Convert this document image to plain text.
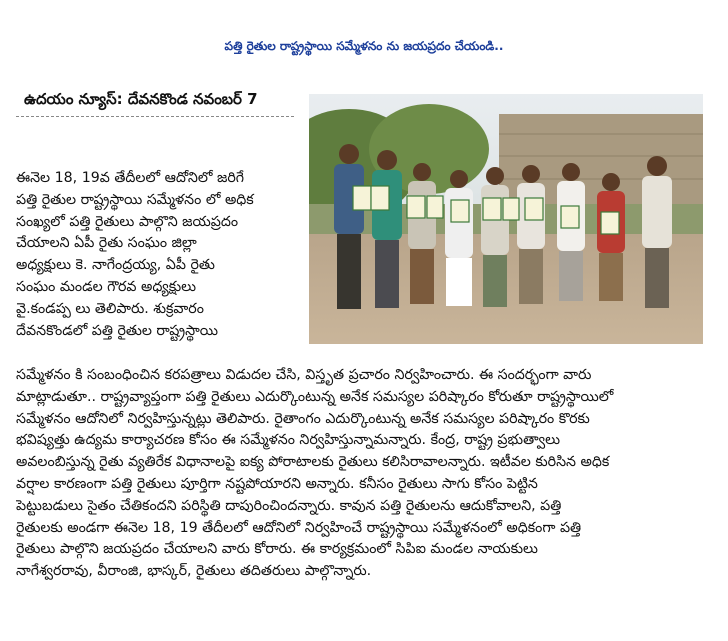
పత్తి రైతుల రాష్ట్రస్థాయి సమ్మేళనం ను జయప్రదం చేయండి..
ఉదయం న్యూస్: దేవనకొండ నవంబర్ 7
ఈనెల 18, 19వ తేదీలలో ఆదోనిలో జరిగే
పత్తి రైతుల రాష్ట్రస్థాయి సమ్మేళనం లో అధిక
సంఖ్యలో పత్తి రైతులు పాల్గొని జయప్రదం
చేయాలని ఏపీ రైతు సంఘం జిల్లా
అధ్యక్షులు కె. నాగేంద్రయ్య, ఏపీ రైతు
సంఘం మండల గౌరవ అధ్యక్షులు
వై.కండప్ప లు తెలిపారు. శుక్రవారం
దేవనకొండలో పత్తి రైతుల రాష్ట్రస్థాయి
సమ్మేళనం కి సంబంధించిన కరపత్రాలు విడుదల చేసి, విస్తృత ప్రచారం నిర్వహించారు. ఈ సందర్భంగా వారు
మాట్లాడుతూ.. రాష్ట్రవ్యాప్తంగా పత్తి రైతులు ఎదుర్కొంటున్న అనేక సమస్యల పరిష్కారం కోరుతూ రాష్ట్రస్థాయిలో
సమ్మేళనం ఆదోనిలో నిర్వహిస్తున్నట్లు తెలిపారు. రైతాంగం ఎదుర్కొంటున్న అనేక సమస్యల పరిష్కారం కొరకు
భవిష్యత్తు ఉద్యమ కార్యాచరణ కోసం ఈ సమ్మేళనం నిర్వహిస్తున్నామన్నారు. కేంద్ర, రాష్ట్ర ప్రభుత్వాలు
అవలంబిస్తున్న రైతు వ్యతిరేక విధానాలపై ఐక్య పోరాటాలకు రైతులు కలిసిరావాలన్నారు. ఇటీవల కురిసిన అధిక
వర్షాల కారణంగా పత్తి రైతులు పూర్తిగా నష్టపోయారని అన్నారు. కనీసం రైతులు సాగు కోసం పెట్టిన
పెట్టుబడులు సైతం చేతికందని పరిస్థితి దాపురించిందన్నారు. కావున పత్తి రైతులను ఆదుకోవాలని, పత్తి
రైతులకు అండగా ఈనెల 18, 19 తేదీలలో ఆదోనిలో నిర్వహించే రాష్ట్రస్థాయి సమ్మేళనంలో అధికంగా పత్తి
రైతులు పాల్గొని జయప్రదం చేయాలని వారు కోరారు. ఈ కార్యక్రమంలో సిపిఐ మండల నాయకులు
నాగేశ్వరరావు, వీరాంజి, భాస్కర్, రైతులు తదితరులు పాల్గొన్నారు.
